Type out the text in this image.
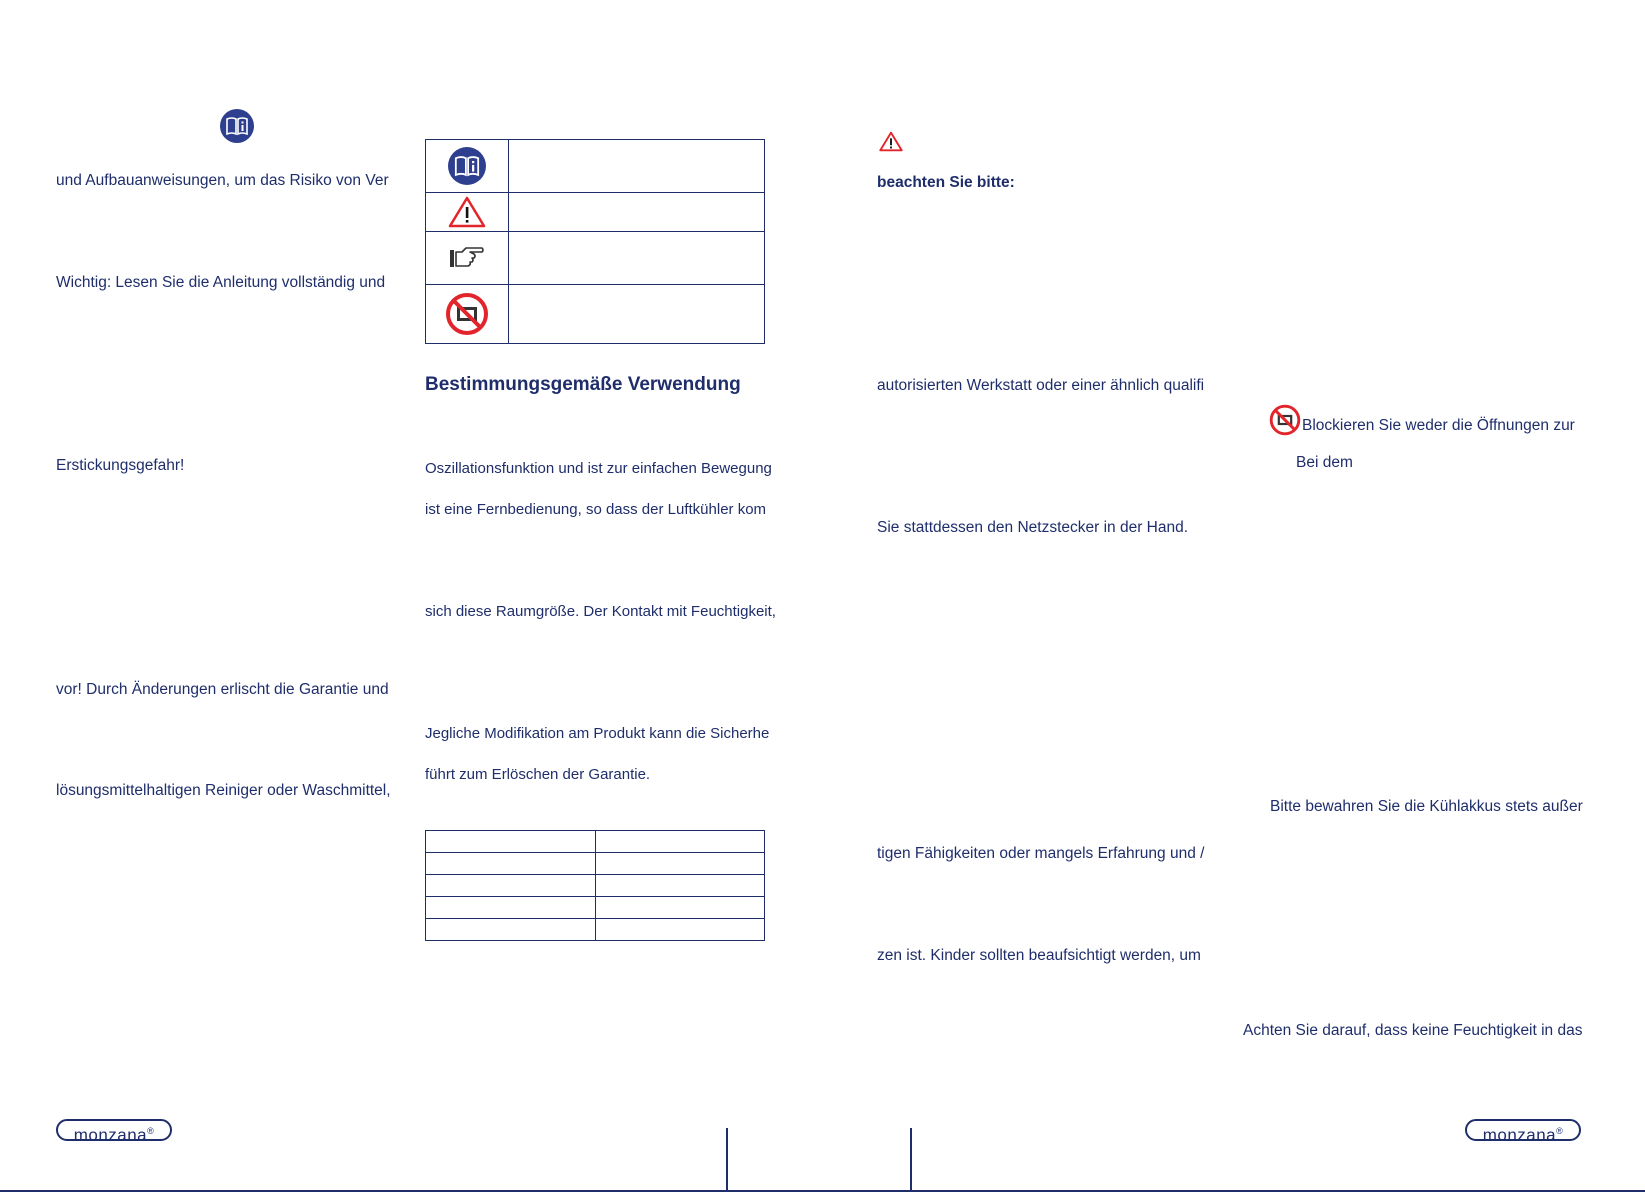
und Aufbauanweisungen, um das Risiko von Ver
Wichtig: Lesen Sie die Anleitung vollständig und
Erstickungsgefahr!
vor! Durch Änderungen erlischt die Garantie und
lösungsmittelhaltigen Reiniger oder Waschmittel,

Bestimmungsgemäße Verwendung
Oszillationsfunktion und ist zur einfachen Bewegung
ist eine Fernbedienung, so dass der Luftkühler kom
sich diese Raumgröße. Der Kontakt mit Feuchtigkeit,
Jegliche Modifikation am Produkt kann die Sicherhe
führt zum Erlöschen der Garantie.

beachten Sie bitte:
autorisierten Werkstatt oder einer ähnlich qualifi
Sie stattdessen den Netzstecker in der Hand.
tigen Fähigkeiten oder mangels Erfahrung und /
zen ist. Kinder sollten beaufsichtigt werden, um
Blockieren Sie weder die Öffnungen zur
Bei dem
Bitte bewahren Sie die Kühlakkus stets außer
Achten Sie darauf, dass keine Feuchtigkeit in das
monzana®	monzana®
